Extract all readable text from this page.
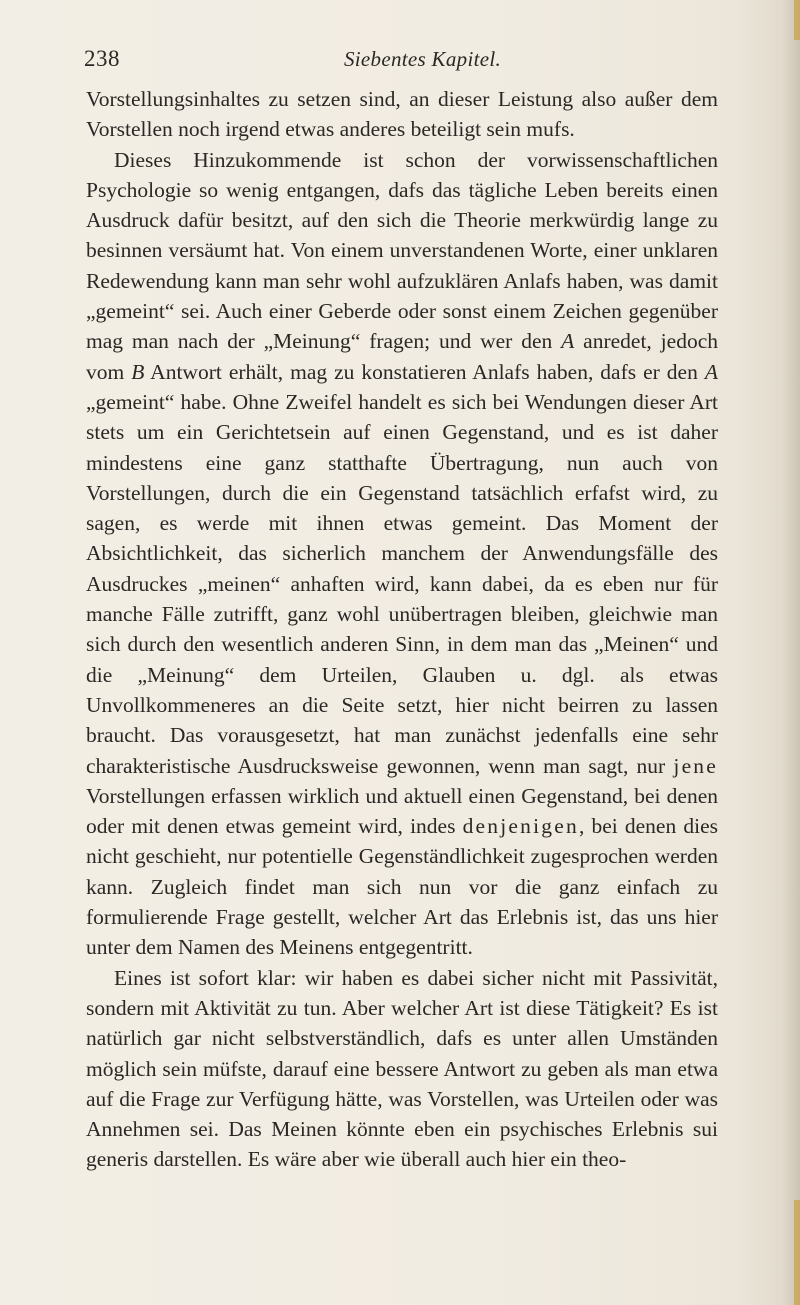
238	Siebentes Kapitel.

Vorstellungsinhaltes zu setzen sind, an dieser Leistung also außer dem Vorstellen noch irgend etwas anderes beteiligt sein mufs.

Dieses Hinzukommende ist schon der vorwissenschaftlichen Psychologie so wenig entgangen, dafs das tägliche Leben bereits einen Ausdruck dafür besitzt, auf den sich die Theorie merkwürdig lange zu besinnen versäumt hat. Von einem unverstandenen Worte, einer unklaren Redewendung kann man sehr wohl aufzuklären Anlafs haben, was damit „gemeint“ sei. Auch einer Geberde oder sonst einem Zeichen gegenüber mag man nach der „Meinung“ fragen; und wer den A anredet, jedoch vom B Antwort erhält, mag zu konstatieren Anlafs haben, dafs er den A „gemeint“ habe. Ohne Zweifel handelt es sich bei Wendungen dieser Art stets um ein Gerichtetsein auf einen Gegenstand, und es ist daher mindestens eine ganz statthafte Übertragung, nun auch von Vorstellungen, durch die ein Gegenstand tatsächlich erfafst wird, zu sagen, es werde mit ihnen etwas gemeint. Das Moment der Absichtlichkeit, das sicherlich manchem der Anwendungsfälle des Ausdruckes „meinen“ anhaften wird, kann dabei, da es eben nur für manche Fälle zutrifft, ganz wohl unübertragen bleiben, gleichwie man sich durch den wesentlich anderen Sinn, in dem man das „Meinen“ und die „Meinung“ dem Urteilen, Glauben u. dgl. als etwas Unvollkommeneres an die Seite setzt, hier nicht beirren zu lassen braucht. Das vorausgesetzt, hat man zunächst jedenfalls eine sehr charakteristische Ausdrucksweise gewonnen, wenn man sagt, nur jene Vorstellungen erfassen wirklich und aktuell einen Gegenstand, bei denen oder mit denen etwas gemeint wird, indes denjenigen, bei denen dies nicht geschieht, nur potentielle Gegenständlichkeit zugesprochen werden kann. Zugleich findet man sich nun vor die ganz einfach zu formulierende Frage gestellt, welcher Art das Erlebnis ist, das uns hier unter dem Namen des Meinens entgegentritt.

Eines ist sofort klar: wir haben es dabei sicher nicht mit Passivität, sondern mit Aktivität zu tun. Aber welcher Art ist diese Tätigkeit? Es ist natürlich gar nicht selbstverständlich, dafs es unter allen Umständen möglich sein müfste, darauf eine bessere Antwort zu geben als man etwa auf die Frage zur Verfügung hätte, was Vorstellen, was Urteilen oder was Annehmen sei. Das Meinen könnte eben ein psychisches Erlebnis sui generis darstellen. Es wäre aber wie überall auch hier ein theo-
